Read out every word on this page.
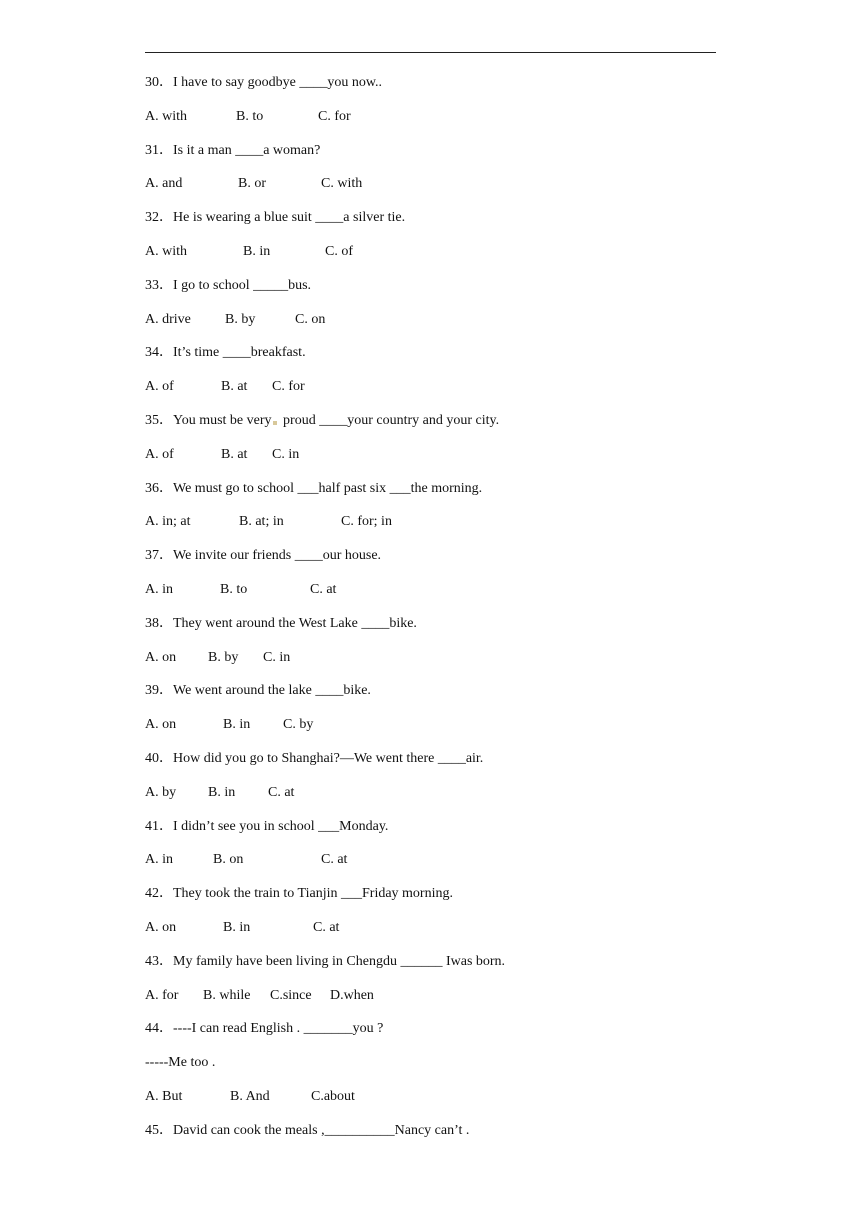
30．I have to say goodbye ____you now..
A. with	B. to	C. for
31．Is it a man ____a woman?
A. and	B. or	C. with
32．He is wearing a blue suit ____a silver tie.
A. with	B. in	C. of
33．I go to school _____bus.
A. drive B. by	C. on
34．It’s time ____breakfast.
A. of	B. at C. for
35．You must be very proud ____your country and your city.
A. of	B. at C. in
36．We must go to school ___half past six ___the morning.
A. in; at	B. at; in	C. for; in
37．We invite our friends ____our house.
A. in	B. to	C. at
38．They went around the West Lake ____bike.
A. on B. by C. in
39．We went around the lake ____bike.
A. on	B. in C. by
40．How did you go to Shanghai?—We went there ____air.
A. by B. in C. at
41．I didn’t see you in school ___Monday.
A. in	B. on	C. at
42．They took the train to Tianjin ___Friday morning.
A. on	B. in	C. at
43．My family have been living in Chengdu ______ Iwas born.
A. for B. while C.since D.when
44．----I can read English . _______you ?
-----Me too .
A. But	B. And	C.about
45．David can cook the meals ,__________Nancy can’t .
